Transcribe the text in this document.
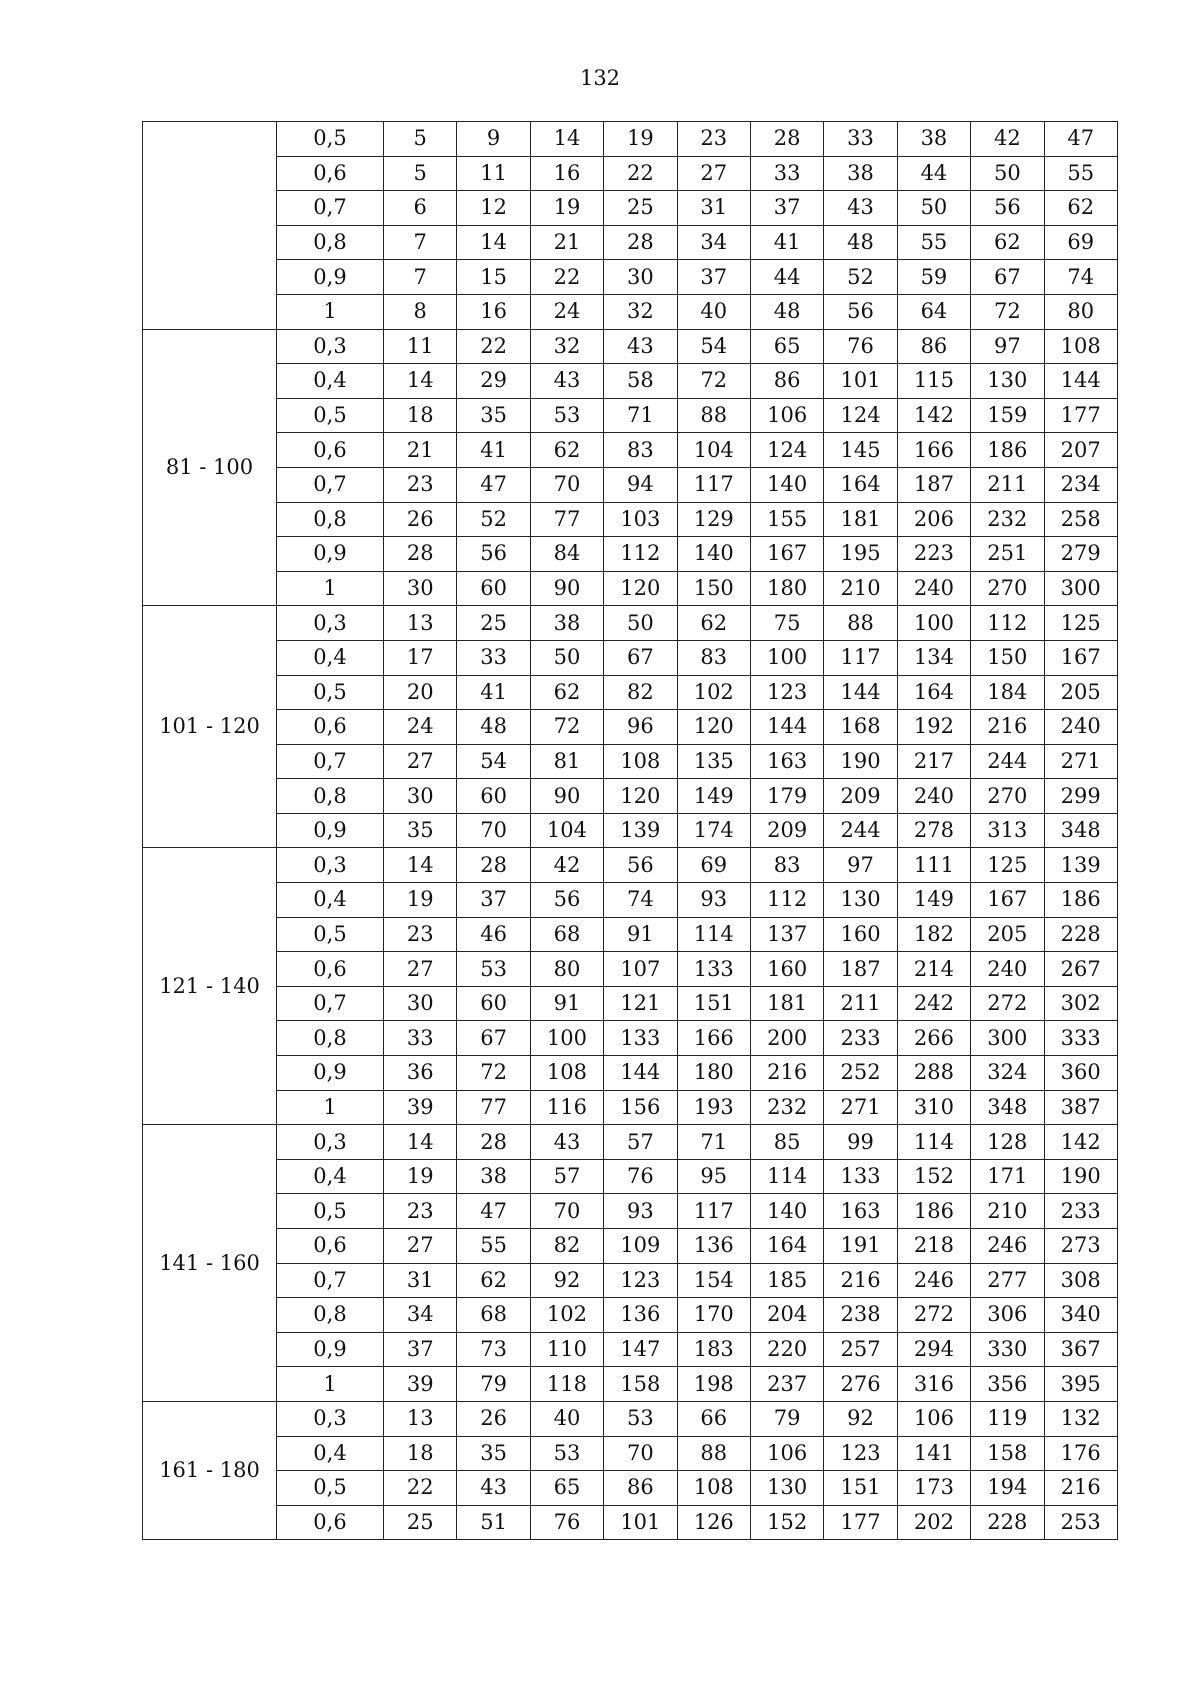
132
	0,5	5	9	14	19	23	28	33	38	42	47
	0,6	5	11	16	22	27	33	38	44	50	55
	0,7	6	12	19	25	31	37	43	50	56	62
	0,8	7	14	21	28	34	41	48	55	62	69
	0,9	7	15	22	30	37	44	52	59	67	74
	1	8	16	24	32	40	48	56	64	72	80
81 - 100	0,3	11	22	32	43	54	65	76	86	97	108
	0,4	14	29	43	58	72	86	101	115	130	144
	0,5	18	35	53	71	88	106	124	142	159	177
	0,6	21	41	62	83	104	124	145	166	186	207
	0,7	23	47	70	94	117	140	164	187	211	234
	0,8	26	52	77	103	129	155	181	206	232	258
	0,9	28	56	84	112	140	167	195	223	251	279
	1	30	60	90	120	150	180	210	240	270	300
101 - 120	0,3	13	25	38	50	62	75	88	100	112	125
	0,4	17	33	50	67	83	100	117	134	150	167
	0,5	20	41	62	82	102	123	144	164	184	205
	0,6	24	48	72	96	120	144	168	192	216	240
	0,7	27	54	81	108	135	163	190	217	244	271
	0,8	30	60	90	120	149	179	209	240	270	299
	0,9	35	70	104	139	174	209	244	278	313	348
121 - 140	0,3	14	28	42	56	69	83	97	111	125	139
	0,4	19	37	56	74	93	112	130	149	167	186
	0,5	23	46	68	91	114	137	160	182	205	228
	0,6	27	53	80	107	133	160	187	214	240	267
	0,7	30	60	91	121	151	181	211	242	272	302
	0,8	33	67	100	133	166	200	233	266	300	333
	0,9	36	72	108	144	180	216	252	288	324	360
	1	39	77	116	156	193	232	271	310	348	387
141 - 160	0,3	14	28	43	57	71	85	99	114	128	142
	0,4	19	38	57	76	95	114	133	152	171	190
	0,5	23	47	70	93	117	140	163	186	210	233
	0,6	27	55	82	109	136	164	191	218	246	273
	0,7	31	62	92	123	154	185	216	246	277	308
	0,8	34	68	102	136	170	204	238	272	306	340
	0,9	37	73	110	147	183	220	257	294	330	367
	1	39	79	118	158	198	237	276	316	356	395
161 - 180	0,3	13	26	40	53	66	79	92	106	119	132
	0,4	18	35	53	70	88	106	123	141	158	176
	0,5	22	43	65	86	108	130	151	173	194	216
	0,6	25	51	76	101	126	152	177	202	228	253
